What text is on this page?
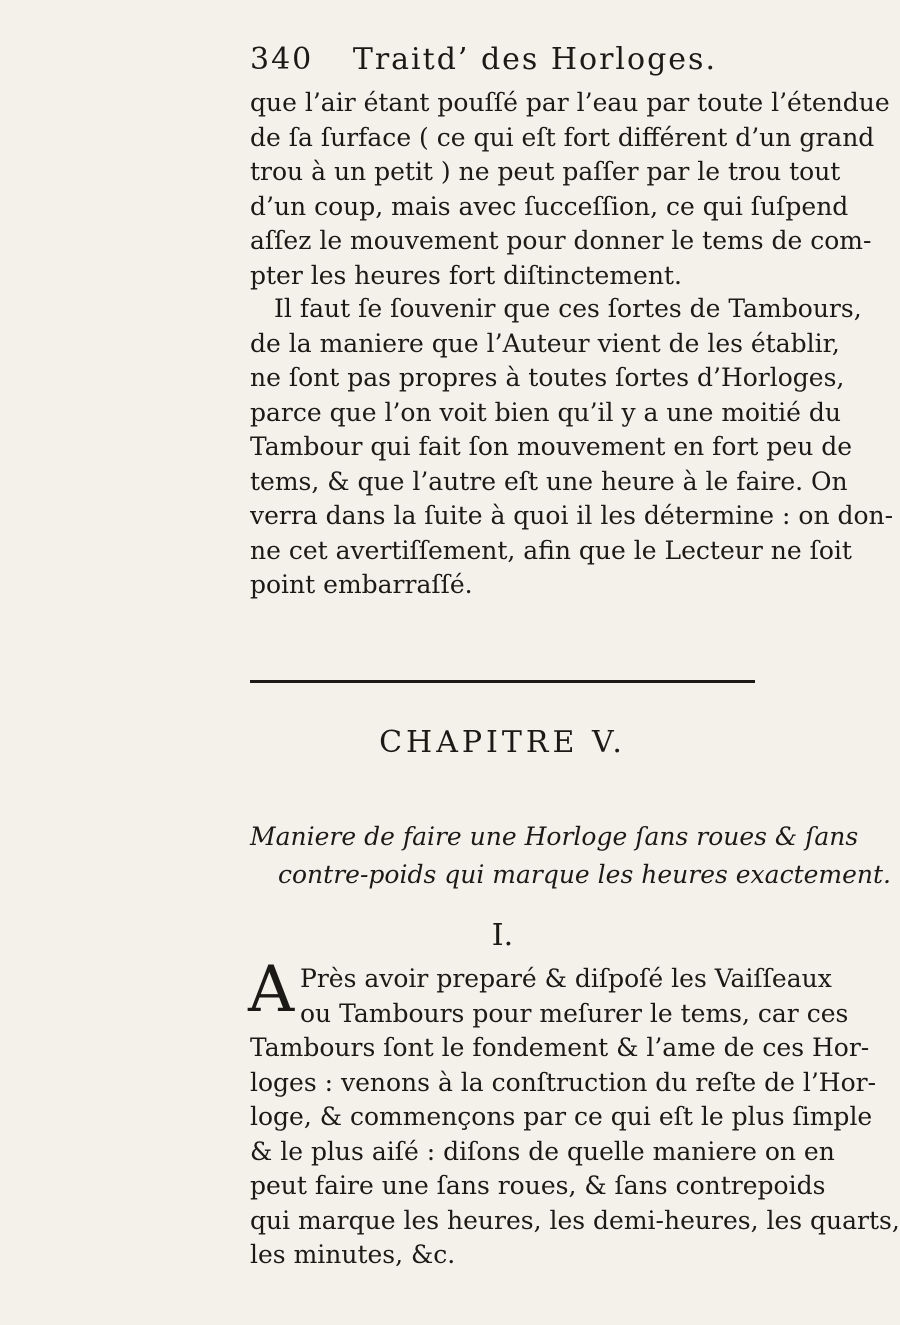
340 Traitd’ des Horloges.
que l’air étant pouſſé par l’eau par toute l’étendue
de ſa ſurface ( ce qui eſt fort différent d’un grand
trou à un petit ) ne peut paſſer par le trou tout
d’un coup, mais avec ſucceſſion, ce qui ſuſpend
aſſez le mouvement pour donner le tems de com-
pter les heures fort diſtinctement.
Il faut ſe ſouvenir que ces ſortes de Tambours,
de la maniere que l’Auteur vient de les établir,
ne ſont pas propres à toutes ſortes d’Horloges,
parce que l’on voit bien qu’il y a une moitié du
Tambour qui fait ſon mouvement en fort peu de
tems, & que l’autre eſt une heure à le faire. On
verra dans la ſuite à quoi il les détermine : on don-
ne cet avertiſſement, afin que le Lecteur ne ſoit
point embarraſſé.
CHAPITRE V.
Maniere de faire une Horloge ſans roues & ſans
contre-poids qui marque les heures exactement.
I.
A Près avoir preparé & diſpoſé les Vaiſſeaux
ou Tambours pour meſurer le tems, car ces
Tambours ſont le fondement & l’ame de ces Hor-
loges : venons à la conſtruction du reſte de l’Hor-
loge, & commençons par ce qui eſt le plus ſimple
& le plus aiſé : diſons de quelle maniere on en
peut faire une ſans roues, & ſans contrepoids
qui marque les heures, les demi-heures, les quarts,
les minutes, &c.
